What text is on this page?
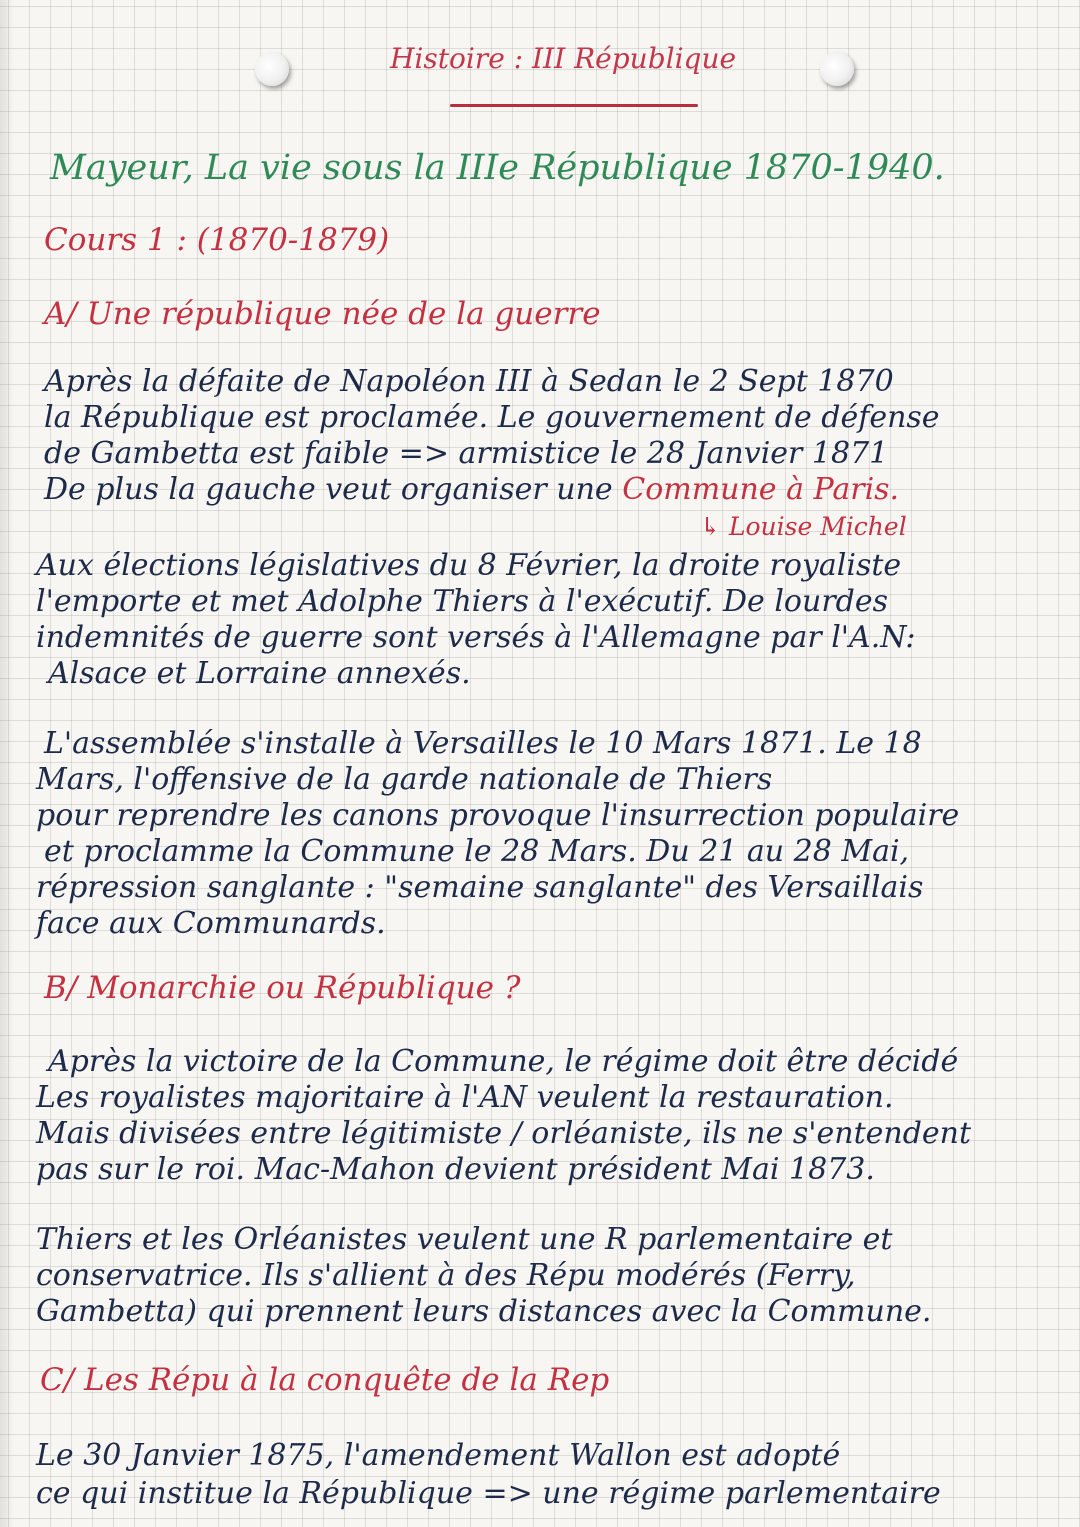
Histoire : III République
Mayeur, La vie sous la IIIe République 1870-1940.
Cours 1 : (1870-1879)
A/ Une république née de la guerre
Après la défaite de Napoléon III à Sedan le 2 Sept 1870
la République est proclamée. Le gouvernement de défense
de Gambetta est faible => armistice le 28 Janvier 1871
De plus la gauche veut organiser une Commune à Paris.
↳ Louise Michel
Aux élections législatives du 8 Février, la droite royaliste
l'emporte et met Adolphe Thiers à l'exécutif. De lourdes
indemnités de guerre sont versés à l'Allemagne par l'A.N:
Alsace et Lorraine annexés.
L'assemblée s'installe à Versailles le 10 Mars 1871. Le 18
Mars, l'offensive de la garde nationale de Thiers
pour reprendre les canons provoque l'insurrection populaire
et proclamme la Commune le 28 Mars. Du 21 au 28 Mai,
répression sanglante : "semaine sanglante" des Versaillais
face aux Communards.
B/ Monarchie ou République ?
Après la victoire de la Commune, le régime doit être décidé
Les royalistes majoritaire à l'AN veulent la restauration.
Mais divisées entre légitimiste / orléaniste, ils ne s'entendent
pas sur le roi. Mac-Mahon devient président Mai 1873.
Thiers et les Orléanistes veulent une R parlementaire et
conservatrice. Ils s'allient à des Répu modérés (Ferry,
Gambetta) qui prennent leurs distances avec la Commune.
C/ Les Répu à la conquête de la Rep
Le 30 Janvier 1875, l'amendement Wallon est adopté
ce qui institue la République => une régime parlementaire
